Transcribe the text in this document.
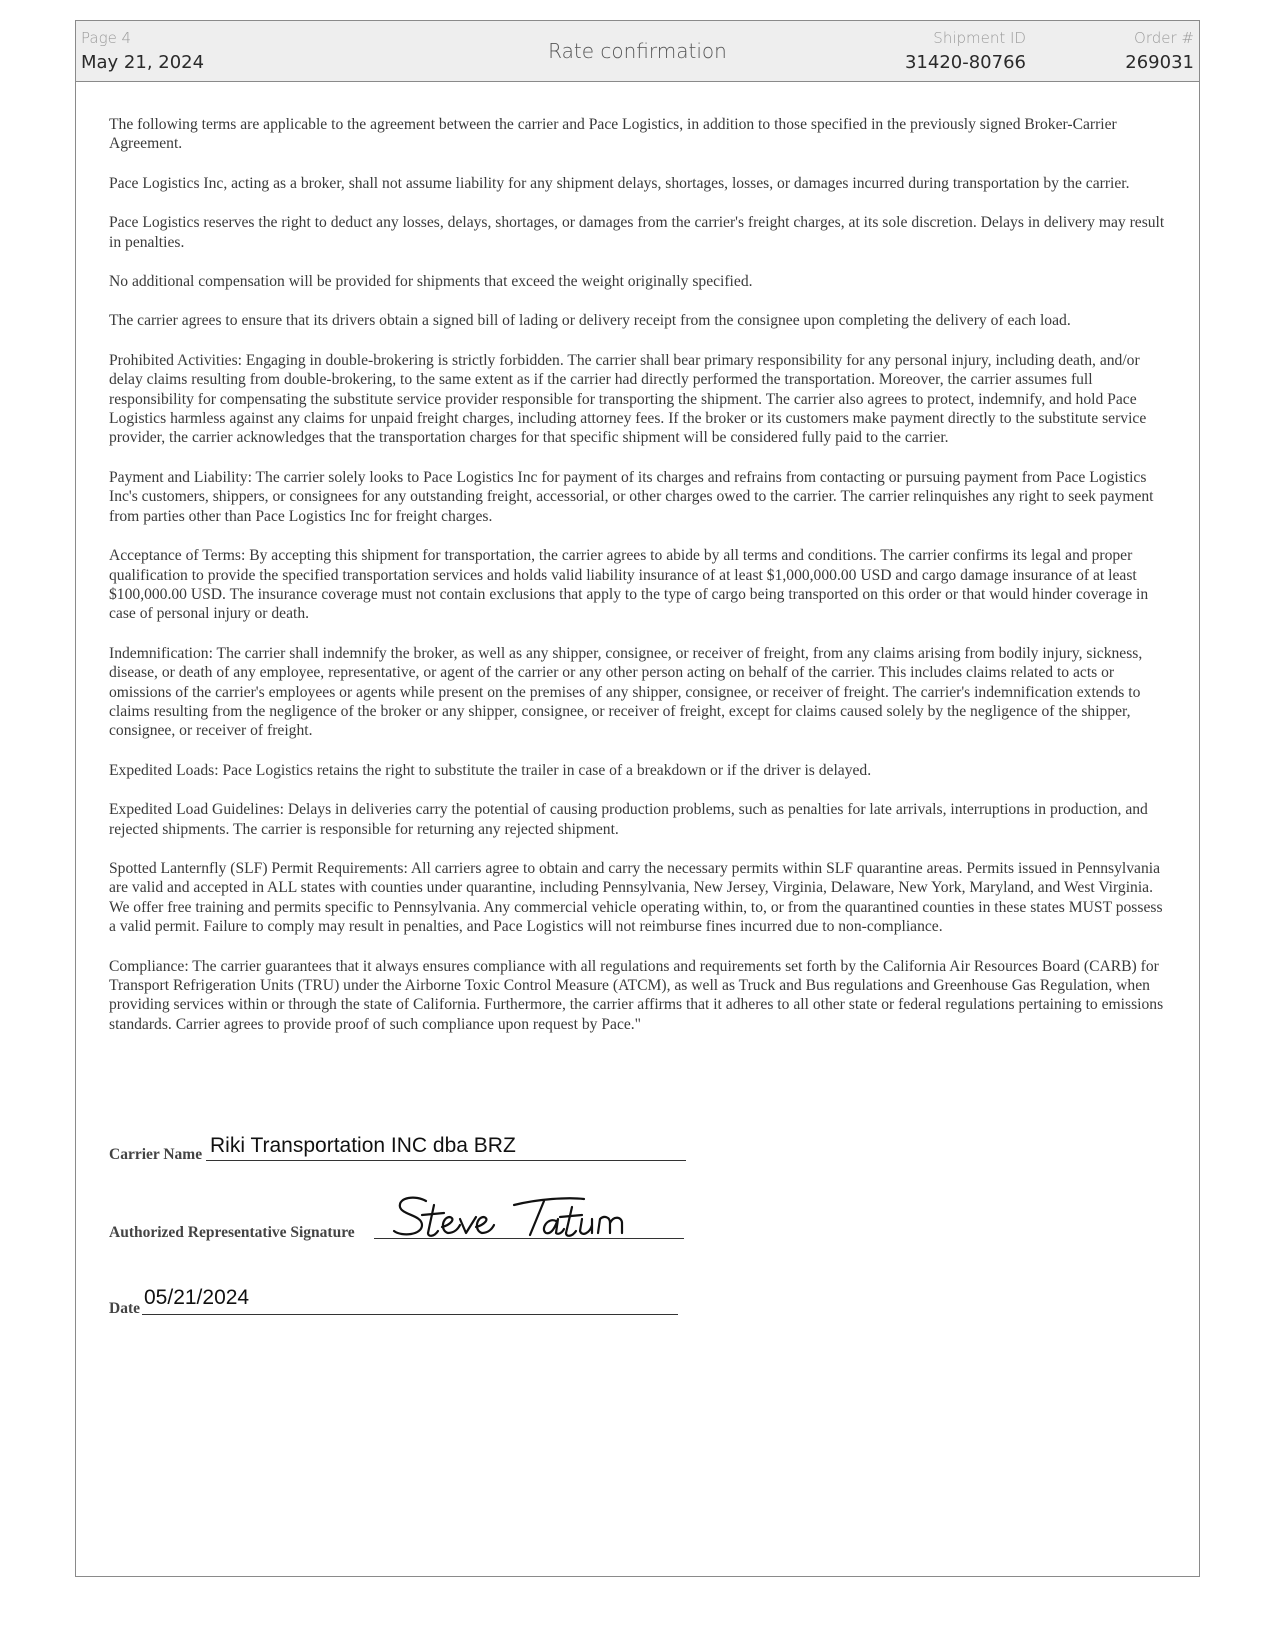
Page 4
May 21, 2024	Rate confirmation
Shipment ID
31420-80766
Order #
269031

The following terms are applicable to the agreement between the carrier and Pace Logistics, in addition to those specified in the previously signed Broker-Carrier Agreement.

Pace Logistics Inc, acting as a broker, shall not assume liability for any shipment delays, shortages, losses, or damages incurred during transportation by the carrier.

Pace Logistics reserves the right to deduct any losses, delays, shortages, or damages from the carrier's freight charges, at its sole discretion. Delays in delivery may result in penalties.

No additional compensation will be provided for shipments that exceed the weight originally specified.

The carrier agrees to ensure that its drivers obtain a signed bill of lading or delivery receipt from the consignee upon completing the delivery of each load.

Prohibited Activities: Engaging in double-brokering is strictly forbidden. The carrier shall bear primary responsibility for any personal injury, including death, and/or delay claims resulting from double-brokering, to the same extent as if the carrier had directly performed the transportation. Moreover, the carrier assumes full responsibility for compensating the substitute service provider responsible for transporting the shipment. The carrier also agrees to protect, indemnify, and hold Pace Logistics harmless against any claims for unpaid freight charges, including attorney fees. If the broker or its customers make payment directly to the substitute service provider, the carrier acknowledges that the transportation charges for that specific shipment will be considered fully paid to the carrier.

Payment and Liability: The carrier solely looks to Pace Logistics Inc for payment of its charges and refrains from contacting or pursuing payment from Pace Logistics Inc's customers, shippers, or consignees for any outstanding freight, accessorial, or other charges owed to the carrier. The carrier relinquishes any right to seek payment from parties other than Pace Logistics Inc for freight charges.

Acceptance of Terms: By accepting this shipment for transportation, the carrier agrees to abide by all terms and conditions. The carrier confirms its legal and proper qualification to provide the specified transportation services and holds valid liability insurance of at least $1,000,000.00 USD and cargo damage insurance of at least $100,000.00 USD. The insurance coverage must not contain exclusions that apply to the type of cargo being transported on this order or that would hinder coverage in case of personal injury or death.

Indemnification: The carrier shall indemnify the broker, as well as any shipper, consignee, or receiver of freight, from any claims arising from bodily injury, sickness, disease, or death of any employee, representative, or agent of the carrier or any other person acting on behalf of the carrier. This includes claims related to acts or omissions of the carrier's employees or agents while present on the premises of any shipper, consignee, or receiver of freight. The carrier's indemnification extends to claims resulting from the negligence of the broker or any shipper, consignee, or receiver of freight, except for claims caused solely by the negligence of the shipper, consignee, or receiver of freight.

Expedited Loads: Pace Logistics retains the right to substitute the trailer in case of a breakdown or if the driver is delayed.

Expedited Load Guidelines: Delays in deliveries carry the potential of causing production problems, such as penalties for late arrivals, interruptions in production, and rejected shipments. The carrier is responsible for returning any rejected shipment.

Spotted Lanternfly (SLF) Permit Requirements: All carriers agree to obtain and carry the necessary permits within SLF quarantine areas. Permits issued in Pennsylvania are valid and accepted in ALL states with counties under quarantine, including Pennsylvania, New Jersey, Virginia, Delaware, New York, Maryland, and West Virginia. We offer free training and permits specific to Pennsylvania. Any commercial vehicle operating within, to, or from the quarantined counties in these states MUST possess a valid permit. Failure to comply may result in penalties, and Pace Logistics will not reimburse fines incurred due to non-compliance.

Compliance: The carrier guarantees that it always ensures compliance with all regulations and requirements set forth by the California Air Resources Board (CARB) for Transport Refrigeration Units (TRU) under the Airborne Toxic Control Measure (ATCM), as well as Truck and Bus regulations and Greenhouse Gas Regulation, when providing services within or through the state of California. Furthermore, the carrier affirms that it adheres to all other state or federal regulations pertaining to emissions standards. Carrier agrees to provide proof of such compliance upon request by Pace."

Carrier Name Riki Transportation INC dba BRZ
Authorized Representative Signature
Steve Tatum
Date 05/21/2024
